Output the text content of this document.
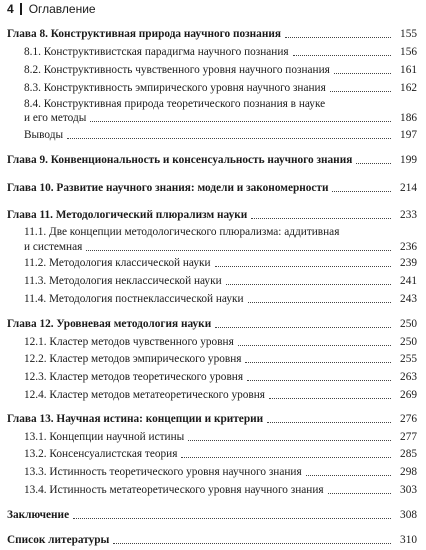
4 Оглавление
Глава 8. Конструктивная природа научного познания	155
8.1. Конструктивистская парадигма научного познания	156
8.2. Конструктивность чувственного уровня научного познания	161
8.3. Конструктивность эмпирического уровня научного знания	162
8.4. Конструктивная природа теоретического познания в науке
и его методы	186
Выводы	197
Глава 9. Конвенциональность и консенсуальность научного знания	199
Глава 10. Развитие научного знания: модели и закономерности	214
Глава 11. Методологический плюрализм науки	233
11.1. Две концепции методологического плюрализма: аддитивная
и системная	236
11.2. Методология классической науки	239
11.3. Методология неклассической науки	241
11.4. Методология постнеклассической науки	243
Глава 12. Уровневая методология науки	250
12.1. Кластер методов чувственного уровня	250
12.2. Кластер методов эмпирического уровня	255
12.3. Кластер методов теоретического уровня	263
12.4. Кластер методов метатеоретического уровня	269
Глава 13. Научная истина: концепции и критерии	276
13.1. Концепции научной истины	277
13.2. Консенсуалистская теория	285
13.3. Истинность теоретического уровня научного знания	298
13.4. Истинность метатеоретического уровня научного знания	303
Заключение	308
Список литературы	310
